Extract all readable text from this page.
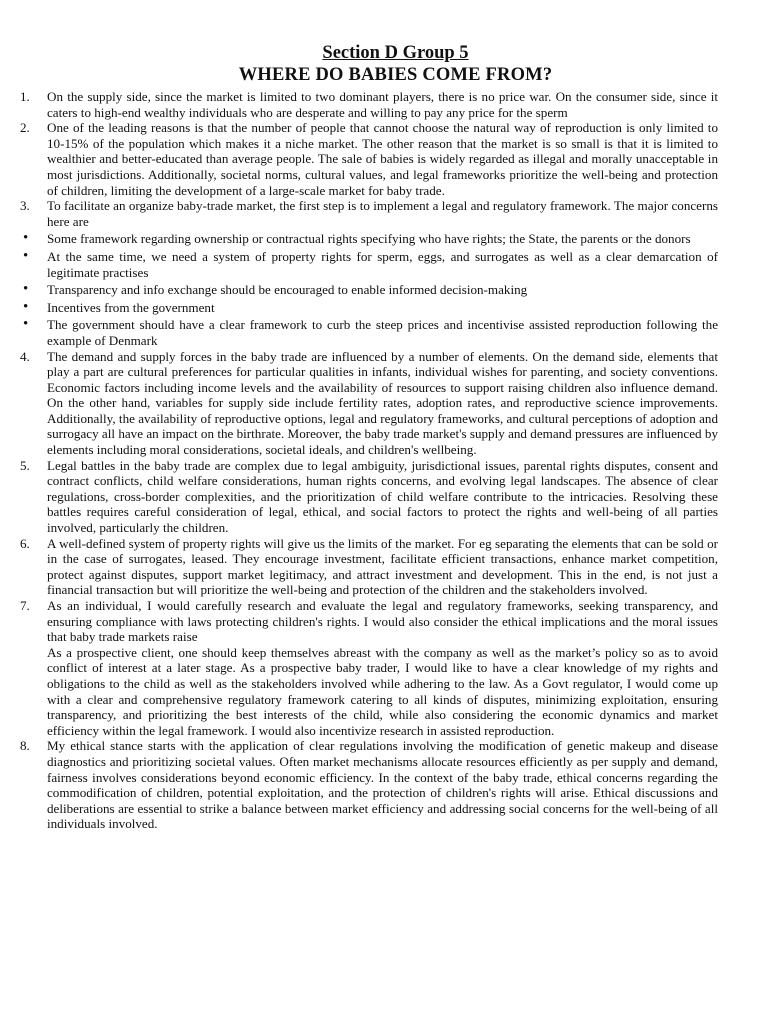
Section D Group 5
WHERE DO BABIES COME FROM?
1.	On the supply side, since the market is limited to two dominant players, there is no price war. On the consumer side, since it caters to high-end wealthy individuals who are desperate and willing to pay any price for the sperm
2.	One of the leading reasons is that the number of people that cannot choose the natural way of reproduction is only limited to 10-15% of the population which makes it a niche market. The other reason that the market is so small is that it is limited to wealthier and better-educated than average people. The sale of babies is widely regarded as illegal and morally unacceptable in most jurisdictions. Additionally, societal norms, cultural values, and legal frameworks prioritize the well-being and protection of children, limiting the development of a large-scale market for baby trade.
3.	To facilitate an organize baby-trade market, the first step is to implement a legal and regulatory framework. The major concerns here are
•	Some framework regarding ownership or contractual rights specifying who have rights; the State, the parents or the donors
•	At the same time, we need a system of property rights for sperm, eggs, and surrogates as well as a clear demarcation of legitimate practises
•	Transparency and info exchange should be encouraged to enable informed decision-making
•	Incentives from the government
•	The government should have a clear framework to curb the steep prices and incentivise assisted reproduction following the example of Denmark
4.	The demand and supply forces in the baby trade are influenced by a number of elements. On the demand side, elements that play a part are cultural preferences for particular qualities in infants, individual wishes for parenting, and society conventions. Economic factors including income levels and the availability of resources to support raising children also influence demand. On the other hand, variables for supply side include fertility rates, adoption rates, and reproductive science improvements. Additionally, the availability of reproductive options, legal and regulatory frameworks, and cultural perceptions of adoption and surrogacy all have an impact on the birthrate. Moreover, the baby trade market's supply and demand pressures are influenced by elements including moral considerations, societal ideals, and children's wellbeing.
5.	Legal battles in the baby trade are complex due to legal ambiguity, jurisdictional issues, parental rights disputes, consent and contract conflicts, child welfare considerations, human rights concerns, and evolving legal landscapes. The absence of clear regulations, cross-border complexities, and the prioritization of child welfare contribute to the intricacies. Resolving these battles requires careful consideration of legal, ethical, and social factors to protect the rights and well-being of all parties involved, particularly the children.
6.	A well-defined system of property rights will give us the limits of the market. For eg separating the elements that can be sold or in the case of surrogates, leased. They encourage investment, facilitate efficient transactions, enhance market competition, protect against disputes, support market legitimacy, and attract investment and development. This in the end, is not just a financial transaction but will prioritize the well-being and protection of the children and the stakeholders involved.
7.	As an individual, I would carefully research and evaluate the legal and regulatory frameworks, seeking transparency, and ensuring compliance with laws protecting children's rights. I would also consider the ethical implications and the moral issues that baby trade markets raise
As a prospective client, one should keep themselves abreast with the company as well as the market’s policy so as to avoid conflict of interest at a later stage. As a prospective baby trader, I would like to have a clear knowledge of my rights and obligations to the child as well as the stakeholders involved while adhering to the law. As a Govt regulator, I would come up with a clear and comprehensive regulatory framework catering to all kinds of disputes, minimizing exploitation, ensuring transparency, and prioritizing the best interests of the child, while also considering the economic dynamics and market efficiency within the legal framework. I would also incentivize research in assisted reproduction.
8.	My ethical stance starts with the application of clear regulations involving the modification of genetic makeup and disease diagnostics and prioritizing societal values. Often market mechanisms allocate resources efficiently as per supply and demand, fairness involves considerations beyond economic efficiency. In the context of the baby trade, ethical concerns regarding the commodification of children, potential exploitation, and the protection of children's rights will arise. Ethical discussions and deliberations are essential to strike a balance between market efficiency and addressing social concerns for the well-being of all individuals involved.
